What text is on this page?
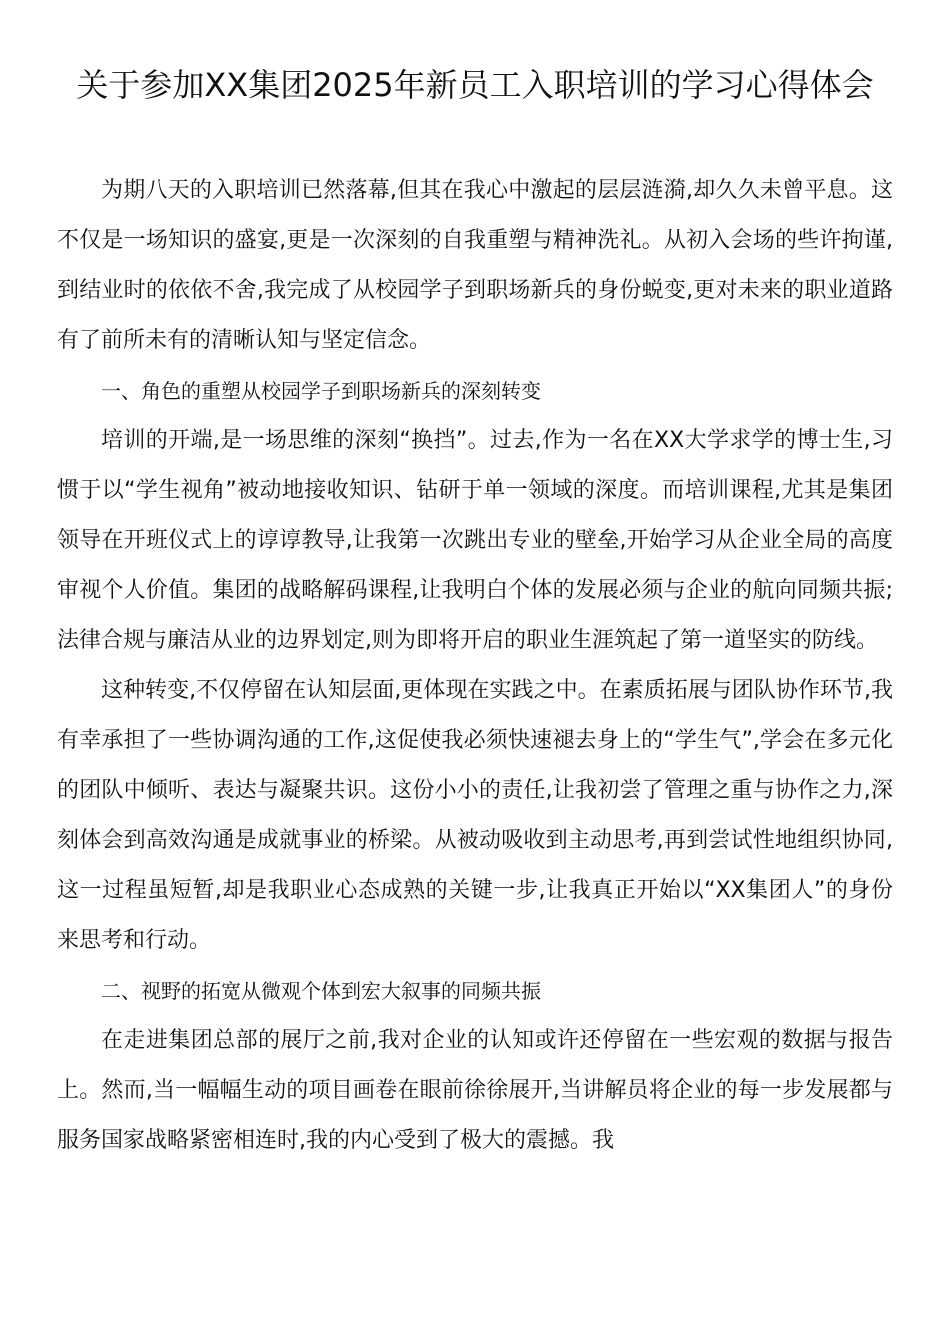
关于参加XX集团2025年新员工入职培训的学习心得体会

为期八天的入职培训已然落幕,但其在我心中激起的层层涟漪,却久久未曾平息。这不仅是一场知识的盛宴,更是一次深刻的自我重塑与精神洗礼。从初入会场的些许拘谨,到结业时的依依不舍,我完成了从校园学子到职场新兵的身份蜕变,更对未来的职业道路有了前所未有的清晰认知与坚定信念。

一、角色的重塑从校园学子到职场新兵的深刻转变

培训的开端,是一场思维的深刻“换挡”。过去,作为一名在XX大学求学的博士生,习惯于以“学生视角”被动地接收知识、钻研于单一领域的深度。而培训课程,尤其是集团领导在开班仪式上的谆谆教导,让我第一次跳出专业的壁垒,开始学习从企业全局的高度审视个人价值。集团的战略解码课程,让我明白个体的发展必须与企业的航向同频共振;法律合规与廉洁从业的边界划定,则为即将开启的职业生涯筑起了第一道坚实的防线。

这种转变,不仅停留在认知层面,更体现在实践之中。在素质拓展与团队协作环节,我有幸承担了一些协调沟通的工作,这促使我必须快速褪去身上的“学生气”,学会在多元化的团队中倾听、表达与凝聚共识。这份小小的责任,让我初尝了管理之重与协作之力,深刻体会到高效沟通是成就事业的桥梁。从被动吸收到主动思考,再到尝试性地组织协同,这一过程虽短暂,却是我职业心态成熟的关键一步,让我真正开始以“XX集团人”的身份来思考和行动。

二、视野的拓宽从微观个体到宏大叙事的同频共振

在走进集团总部的展厅之前,我对企业的认知或许还停留在一些宏观的数据与报告上。然而,当一幅幅生动的项目画卷在眼前徐徐展开,当讲解员将企业的每一步发展都与服务国家战略紧密相连时,我的内心受到了极大的震撼。我
